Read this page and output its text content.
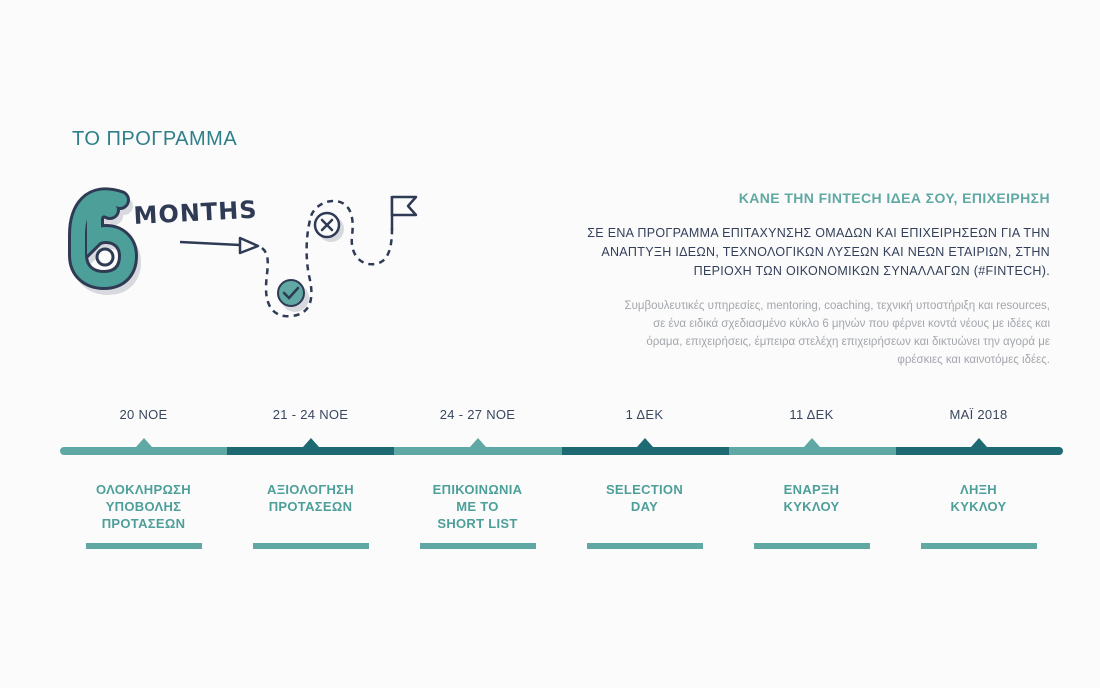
ΤΟ ΠΡΟΓΡΑΜΜΑ
MONTHS	ΚΑΝΕ ΤΗΝ FINTECH ΙΔΕΑ ΣΟΥ, ΕΠΙΧΕΙΡΗΣΗ
ΣΕ ΕΝΑ ΠΡΟΓΡΑΜΜΑ ΕΠΙΤΑΧΥΝΣΗΣ ΟΜΑΔΩΝ ΚΑΙ ΕΠΙΧΕΙΡΗΣΕΩΝ ΓΙΑ ΤΗΝ
ΑΝΑΠΤΥΞΗ ΙΔΕΩΝ, ΤΕΧΝΟΛΟΓΙΚΩΝ ΛΥΣΕΩΝ ΚΑΙ ΝΕΩΝ ΕΤΑΙΡΙΩΝ, ΣΤΗΝ
ΠΕΡΙΟΧΗ ΤΩΝ ΟΙΚΟΝΟΜΙΚΩΝ ΣΥΝΑΛΛΑΓΩΝ (#FINTECH).
Συμβουλευτικές υπηρεσίες, mentoring, coaching, τεχνική υποστήριξη και resources,
σε ένα ειδικά σχεδιασμένο κύκλο 6 μηνών που φέρνει κοντά νέους με ιδέες και
όραμα, επιχειρήσεις, έμπειρα στελέχη επιχειρήσεων και δικτυώνει την αγορά με
φρέσκιες και καινοτόμες ιδέες.
20 ΝΟΕ
ΟΛΟΚΛΗΡΩΣΗ
ΥΠΟΒΟΛΗΣ
ΠΡΟΤΑΣΕΩΝ
21 - 24 ΝΟΕ
ΑΞΙΟΛΟΓΗΣΗ
ΠΡΟΤΑΣΕΩΝ
24 - 27 ΝΟΕ
ΕΠΙΚΟΙΝΩΝΙΑ
ΜΕ ΤΟ
SHORT LIST
1 ΔΕΚ
SELECTION
DAY
11 ΔΕΚ
ΕΝΑΡΞΗ
ΚΥΚΛΟΥ
ΜΑΪ 2018
ΛΗΞΗ
ΚΥΚΛΟΥ
